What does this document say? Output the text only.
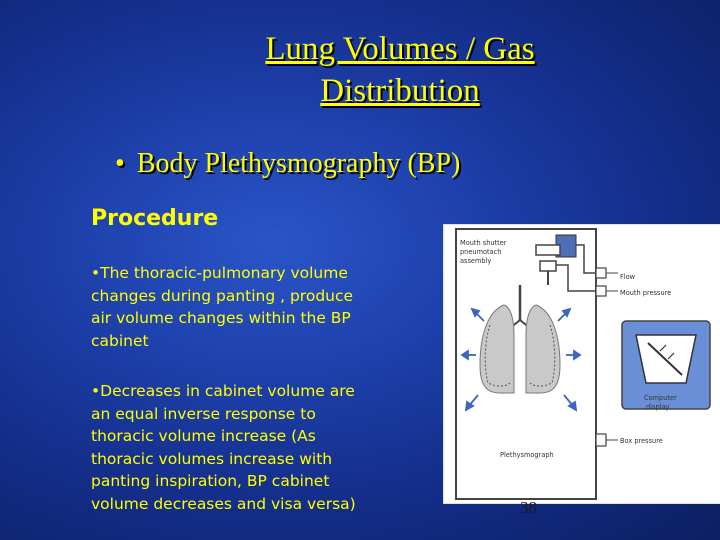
Lung Volumes / Gas
Distribution
• Body Plethysmography (BP)
Procedure
•The thoracic-pulmonary volume
changes during panting , produce
air volume changes within the BP
cabinet
•Decreases in cabinet volume are
an equal inverse response to
thoracic volume increase (As
thoracic volumes increase with
panting inspiration, BP cabinet
volume decreases and visa versa)
Mouth shutter
pneumotach
assembly
Flow
Mouth pressure
Computer
display
Box pressure
Plethysmograph
38
